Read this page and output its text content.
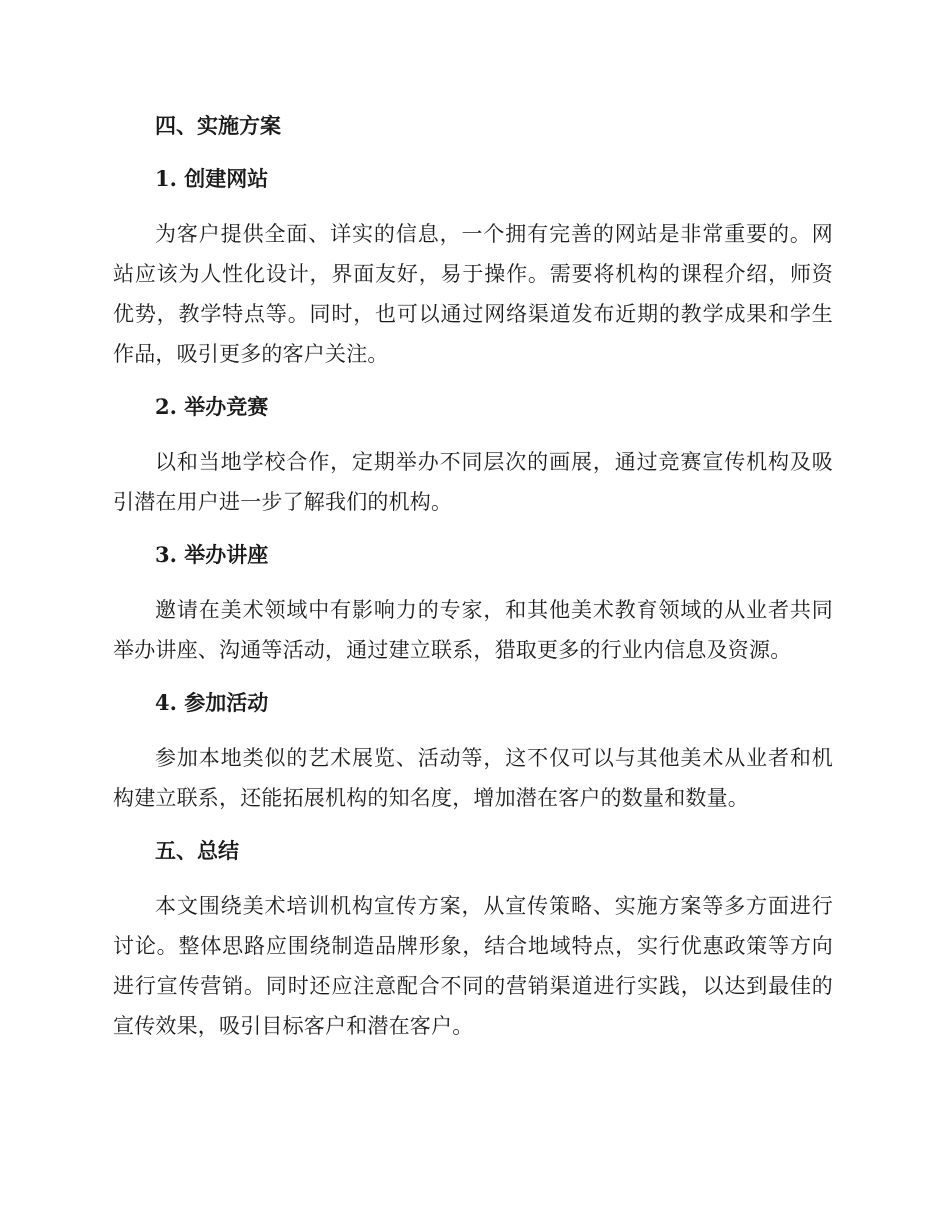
四、实施方案
1. 创建网站
为客户提供全面、详实的信息，一个拥有完善的网站是非常重要的。网站应该为人性化设计，界面友好，易于操作。需要将机构的课程介绍，师资优势，教学特点等。同时，也可以通过网络渠道发布近期的教学成果和学生作品，吸引更多的客户关注。
2. 举办竞赛
以和当地学校合作，定期举办不同层次的画展，通过竞赛宣传机构及吸引潜在用户进一步了解我们的机构。
3. 举办讲座
邀请在美术领域中有影响力的专家，和其他美术教育领域的从业者共同举办讲座、沟通等活动，通过建立联系，猎取更多的行业内信息及资源。
4. 参加活动
参加本地类似的艺术展览、活动等，这不仅可以与其他美术从业者和机构建立联系，还能拓展机构的知名度，增加潜在客户的数量和数量。
五、总结
本文围绕美术培训机构宣传方案，从宣传策略、实施方案等多方面进行讨论。整体思路应围绕制造品牌形象，结合地域特点，实行优惠政策等方向进行宣传营销。同时还应注意配合不同的营销渠道进行实践，以达到最佳的宣传效果，吸引目标客户和潜在客户。
